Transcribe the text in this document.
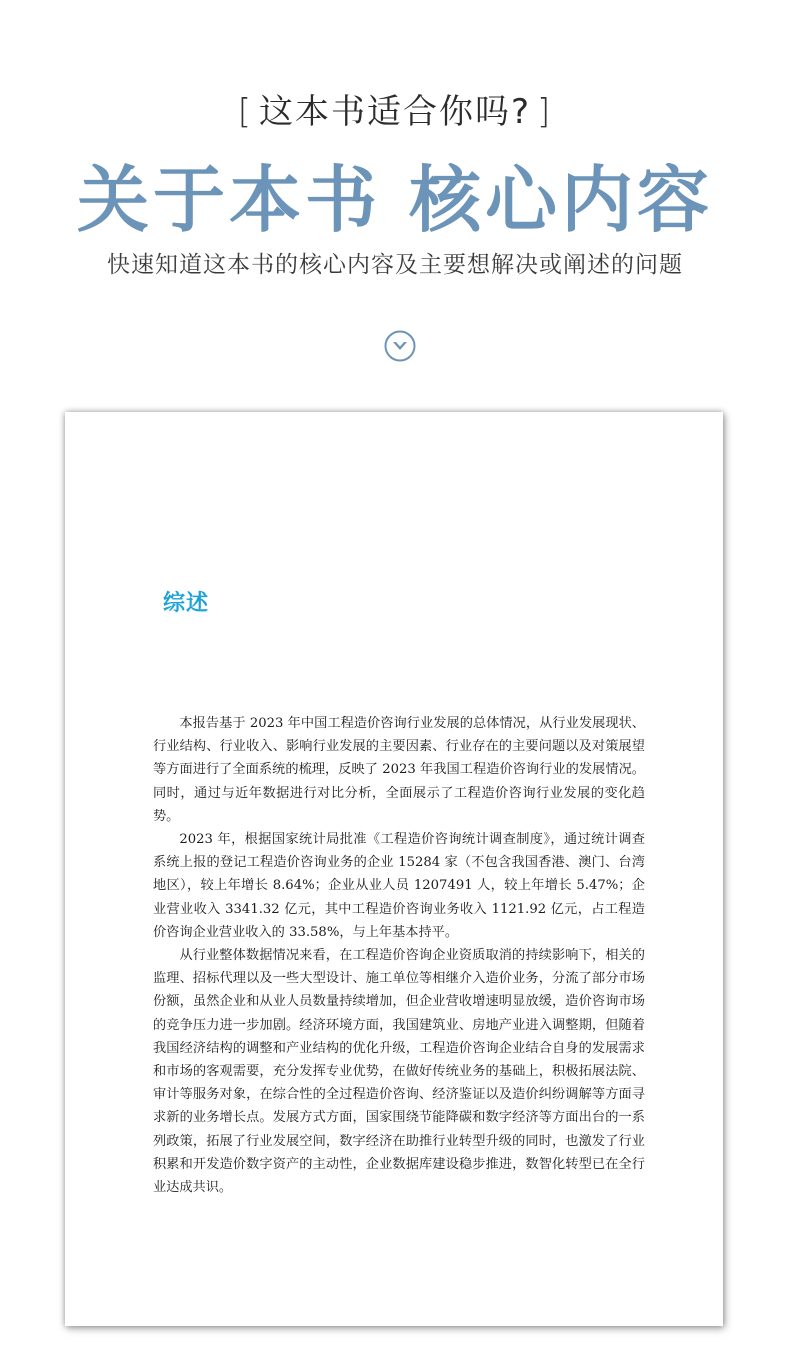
[ 这本书适合你吗? ]
关于本书 核心内容
快速知道这本书的核心内容及主要想解决或阐述的问题
综述

本报告基于 2023 年中国工程造价咨询行业发展的总体情况，从行业发展现状、行业结构、行业收入、影响行业发展的主要因素、行业存在的主要问题以及对策展望等方面进行了全面系统的梳理，反映了 2023 年我国工程造价咨询行业的发展情况。同时，通过与近年数据进行对比分析，全面展示了工程造价咨询行业发展的变化趋势。

2023 年，根据国家统计局批准《工程造价咨询统计调查制度》，通过统计调查系统上报的登记工程造价咨询业务的企业 15284 家（不包含我国香港、澳门、台湾地区），较上年增长 8.64%；企业从业人员 1207491 人，较上年增长 5.47%；企业营业收入 3341.32 亿元，其中工程造价咨询业务收入 1121.92 亿元，占工程造价咨询企业营业收入的 33.58%，与上年基本持平。

从行业整体数据情况来看，在工程造价咨询企业资质取消的持续影响下，相关的监理、招标代理以及一些大型设计、施工单位等相继介入造价业务，分流了部分市场份额，虽然企业和从业人员数量持续增加，但企业营收增速明显放缓，造价咨询市场的竞争压力进一步加剧。经济环境方面，我国建筑业、房地产业进入调整期，但随着我国经济结构的调整和产业结构的优化升级，工程造价咨询企业结合自身的发展需求和市场的客观需要，充分发挥专业优势，在做好传统业务的基础上，积极拓展法院、审计等服务对象，在综合性的全过程造价咨询、经济鉴证以及造价纠纷调解等方面寻求新的业务增长点。发展方式方面，国家围绕节能降碳和数字经济等方面出台的一系列政策，拓展了行业发展空间，数字经济在助推行业转型升级的同时，也激发了行业积累和开发造价数字资产的主动性，企业数据库建设稳步推进，数智化转型已在全行业达成共识。
